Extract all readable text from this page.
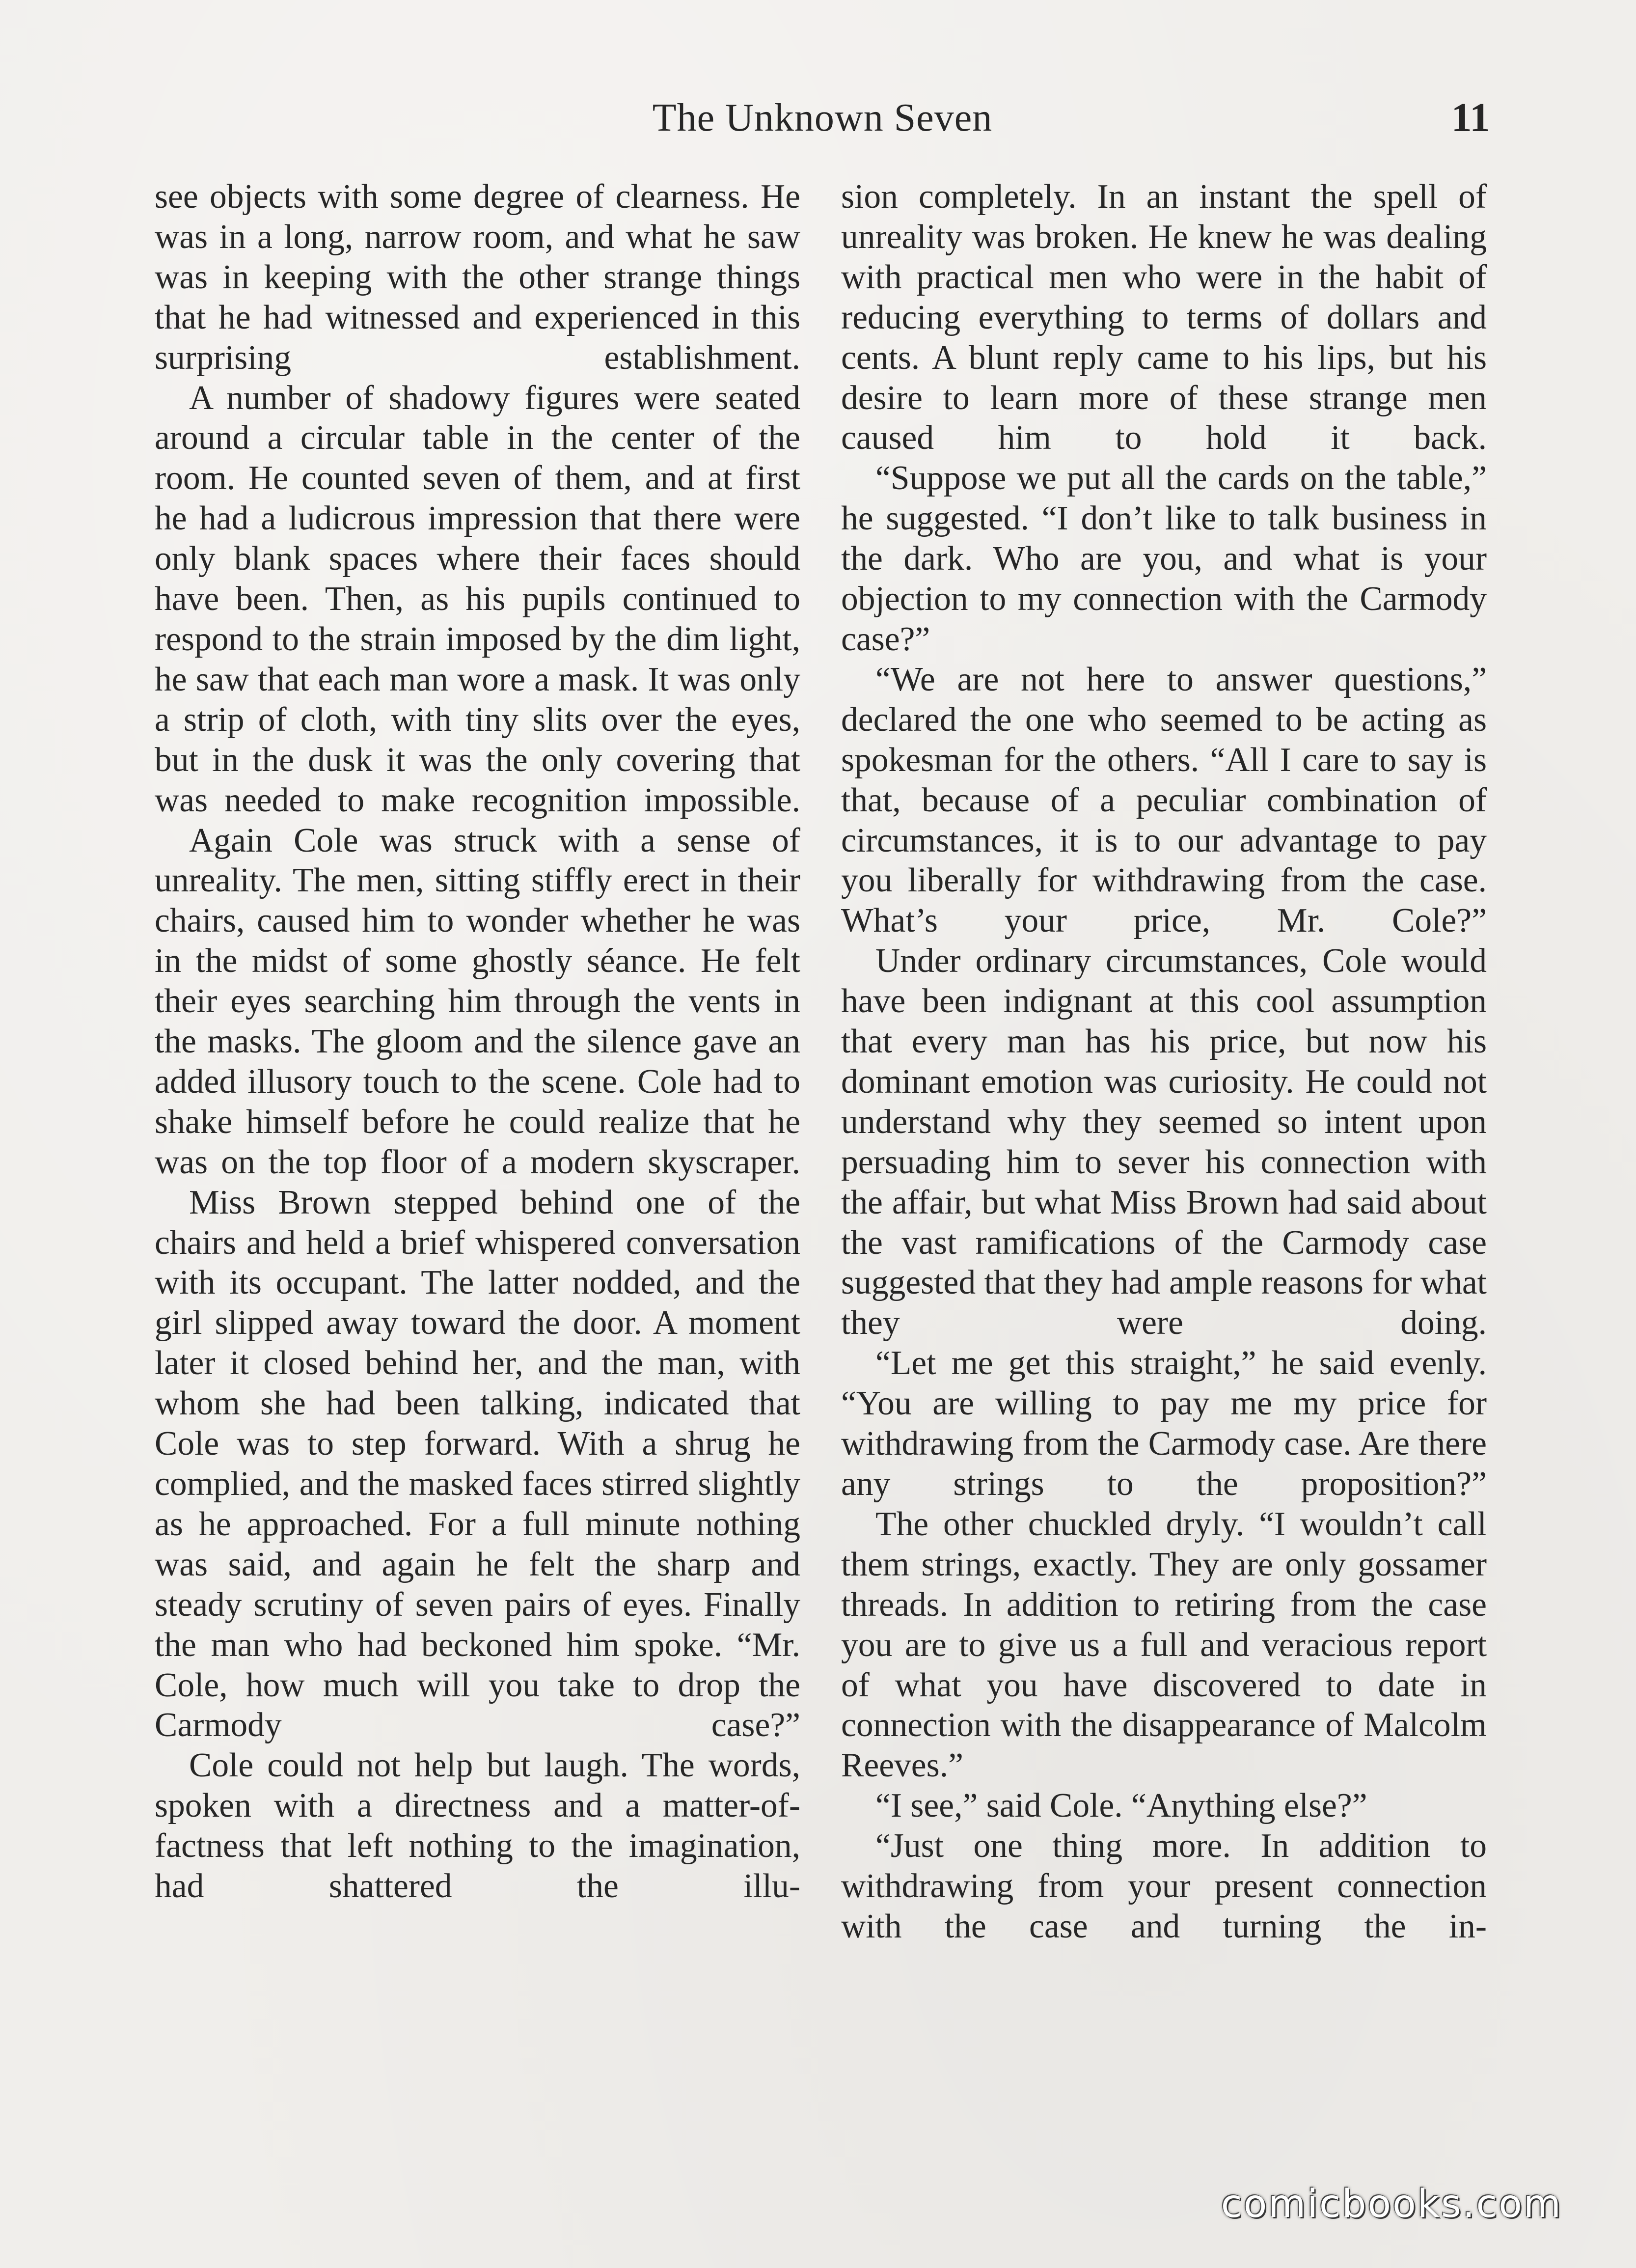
The Unknown Seven	11

see objects with some degree of clearness. He was in a long, narrow room, and what he saw was in keeping with the other strange things that he had witnessed and experienced in this surprising establishment.

A number of shadowy figures were seated around a circular table in the center of the room. He counted seven of them, and at first he had a ludicrous impression that there were only blank spaces where their faces should have been. Then, as his pupils continued to respond to the strain imposed by the dim light, he saw that each man wore a mask. It was only a strip of cloth, with tiny slits over the eyes, but in the dusk it was the only covering that was needed to make recognition impossible.

Again Cole was struck with a sense of unreality. The men, sitting stiffly erect in their chairs, caused him to wonder whether he was in the midst of some ghostly séance. He felt their eyes searching him through the vents in the masks. The gloom and the silence gave an added illusory touch to the scene. Cole had to shake himself before he could realize that he was on the top floor of a modern skyscraper.

Miss Brown stepped behind one of the chairs and held a brief whispered conversation with its occupant. The latter nodded, and the girl slipped away toward the door. A moment later it closed behind her, and the man, with whom she had been talking, indicated that Cole was to step forward. With a shrug he complied, and the masked faces stirred slightly as he approached. For a full minute nothing was said, and again he felt the sharp and steady scrutiny of seven pairs of eyes. Finally the man who had beckoned him spoke. “Mr. Cole, how much will you take to drop the Carmody case?”

Cole could not help but laugh. The words, spoken with a directness and a matter-of-factness that left nothing to the imagination, had shattered the illu-

sion completely. In an instant the spell of unreality was broken. He knew he was dealing with practical men who were in the habit of reducing everything to terms of dollars and cents. A blunt reply came to his lips, but his desire to learn more of these strange men caused him to hold it back.

“Suppose we put all the cards on the table,” he suggested. “I don’t like to talk business in the dark. Who are you, and what is your objection to my connection with the Carmody case?”

“We are not here to answer questions,” declared the one who seemed to be acting as spokesman for the others. “All I care to say is that, because of a peculiar combination of circumstances, it is to our advantage to pay you liberally for withdrawing from the case. What’s your price, Mr. Cole?”

Under ordinary circumstances, Cole would have been indignant at this cool assumption that every man has his price, but now his dominant emotion was curiosity. He could not understand why they seemed so intent upon persuading him to sever his connection with the affair, but what Miss Brown had said about the vast ramifications of the Carmody case suggested that they had ample reasons for what they were doing.

“Let me get this straight,” he said evenly. “You are willing to pay me my price for withdrawing from the Carmody case. Are there any strings to the proposition?”

The other chuckled dryly. “I wouldn’t call them strings, exactly. They are only gossamer threads. In addition to retiring from the case you are to give us a full and veracious report of what you have discovered to date in connection with the disappearance of Malcolm Reeves.”

“I see,” said Cole. “Anything else?”

“Just one thing more. In addition to withdrawing from your present connection with the case and turning the in-

comicbooks.com
